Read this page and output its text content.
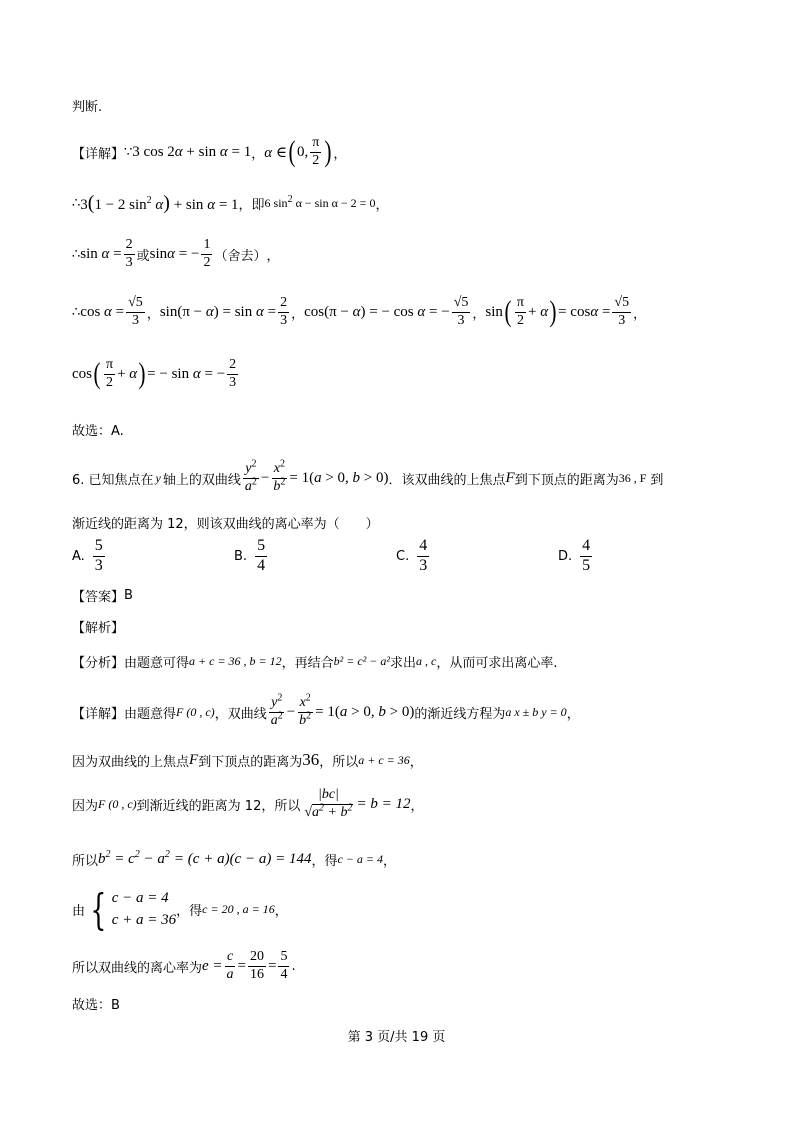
判断.
【详解】 ∵ 3 cos 2α + sin α = 1 ， α ∈ ( 0, $\frac{\pi}{2}$ ) ，
∴ 3(1 − 2 $\sin^2 \alpha) + \sin \alpha = 1$ ，即 6 $\sin^2 \alpha - \sin \alpha - 2 = 0$ ，
∴ $\sin \alpha = \frac{2}{3}$ 或 sinα = − $\frac{1}{2}$ （舍去） ，
∴ $\cos \alpha = \frac{√5}{3}$ ， $\sin(\pi - \alpha) = \sin \alpha = \frac{2}{3}$ ， cos(π − α) = − cos α = − $\frac{√5}{3}$ ， sin ( $\frac{\pi}{2} + \alpha$ ) = $\cos\alpha = \frac{√5}{3}$ ，
cos ( $\frac{\pi}{2} + \alpha$ ) = − sin α = − $\frac{2}{3}$
故选：A.
6. 已知焦点在 y 轴上的双曲线 $\frac{y^2}{a^2} - \frac{x^2}{b^2} = 1(a > 0$, b > 0) ．该双曲线的上焦点 F 到下顶点的距离为 36 , F 到
渐近线的距离为 12，则该双曲线的离心率为（　　）
A. $\frac{5}{3}$	B. $\frac{5}{4}$	C. $\frac{4}{3}$	D. $\frac{4}{5}$
【答案】 B
【解析】
【分析】 由题意可得 a + c = 36 , b = 12 ，再结合 b² = c² − a² 求出 a , c ，从而可求出离心率.
【详解】 由题意得 F (0 , c) ，双曲线 $\frac{y^2}{a^2} - \frac{x^2}{b^2} = 1(a > 0$, b > 0) 的渐近线方程为 a x ± b y = 0 ，
因为双曲线的上焦点 F 到下顶点的距离为 36 ，所以 a + c = 36 ，
因为 F (0 , c) 到渐近线的距离为 12，所以 $\frac{|bc|}{√a^2 + b^2} = b = 12$ ，
所以 $b^2 = c^2 - a^2 = (c + a)(c - a) = 144$ ，得 c − a = 4 ，
由 { c − a = 4
c + a = 36 ，得 c = 20 , a = 16 ，
所以双曲线的离心率为 $e = \frac{c}{a} = \frac{20}{16} = \frac{5}{4}$ .
故选：B
第 3 页/共 19 页
